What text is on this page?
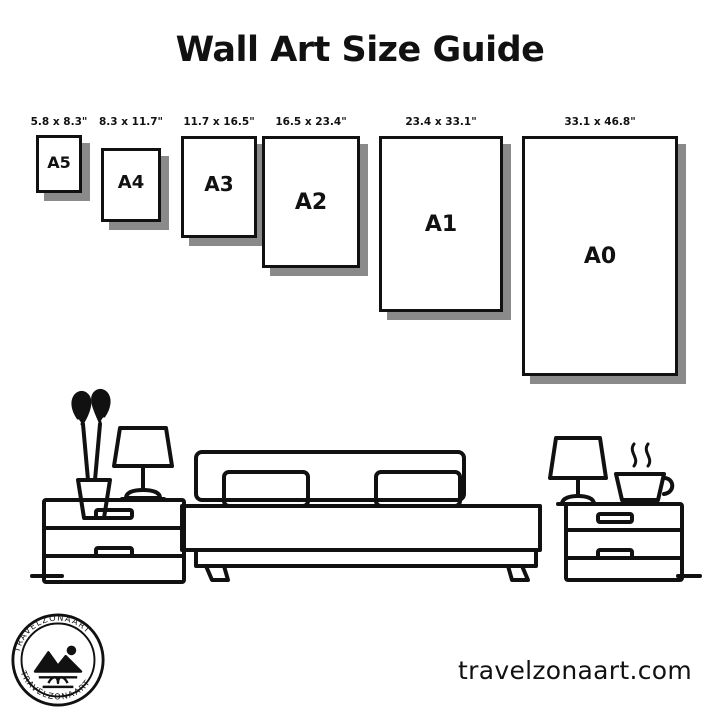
Wall Art Size Guide
A5
5.8 x 8.3"
A4
8.3 x 11.7"
A3
11.7 x 16.5"
A2
16.5 x 23.4"
A1
23.4 x 33.1"
A0
33.1 x 46.8"
TRAVELZONAART
TRAVELZONAART	travelzonaart.com
